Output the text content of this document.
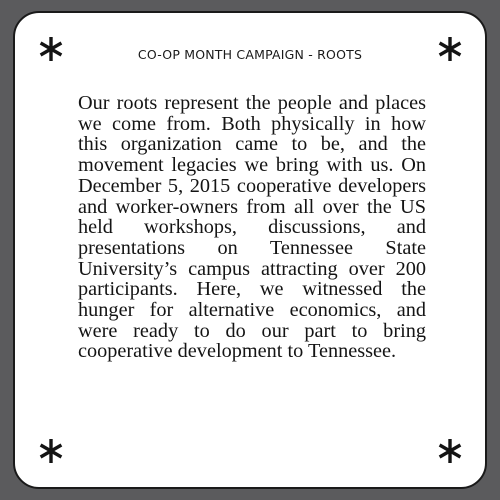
CO-OP MONTH CAMPAIGN - ROOTS

Our roots represent the people and places we come from. Both physically in how this organization came to be, and the movement legacies we bring with us. On December 5, 2015 cooperative developers and worker-owners from all over the US held workshops, discussions, and presentations on Tennessee State University’s campus attracting over 200 participants. Here, we witnessed the hunger for alternative economics, and were ready to do our part to bring cooperative development to Tennessee.
